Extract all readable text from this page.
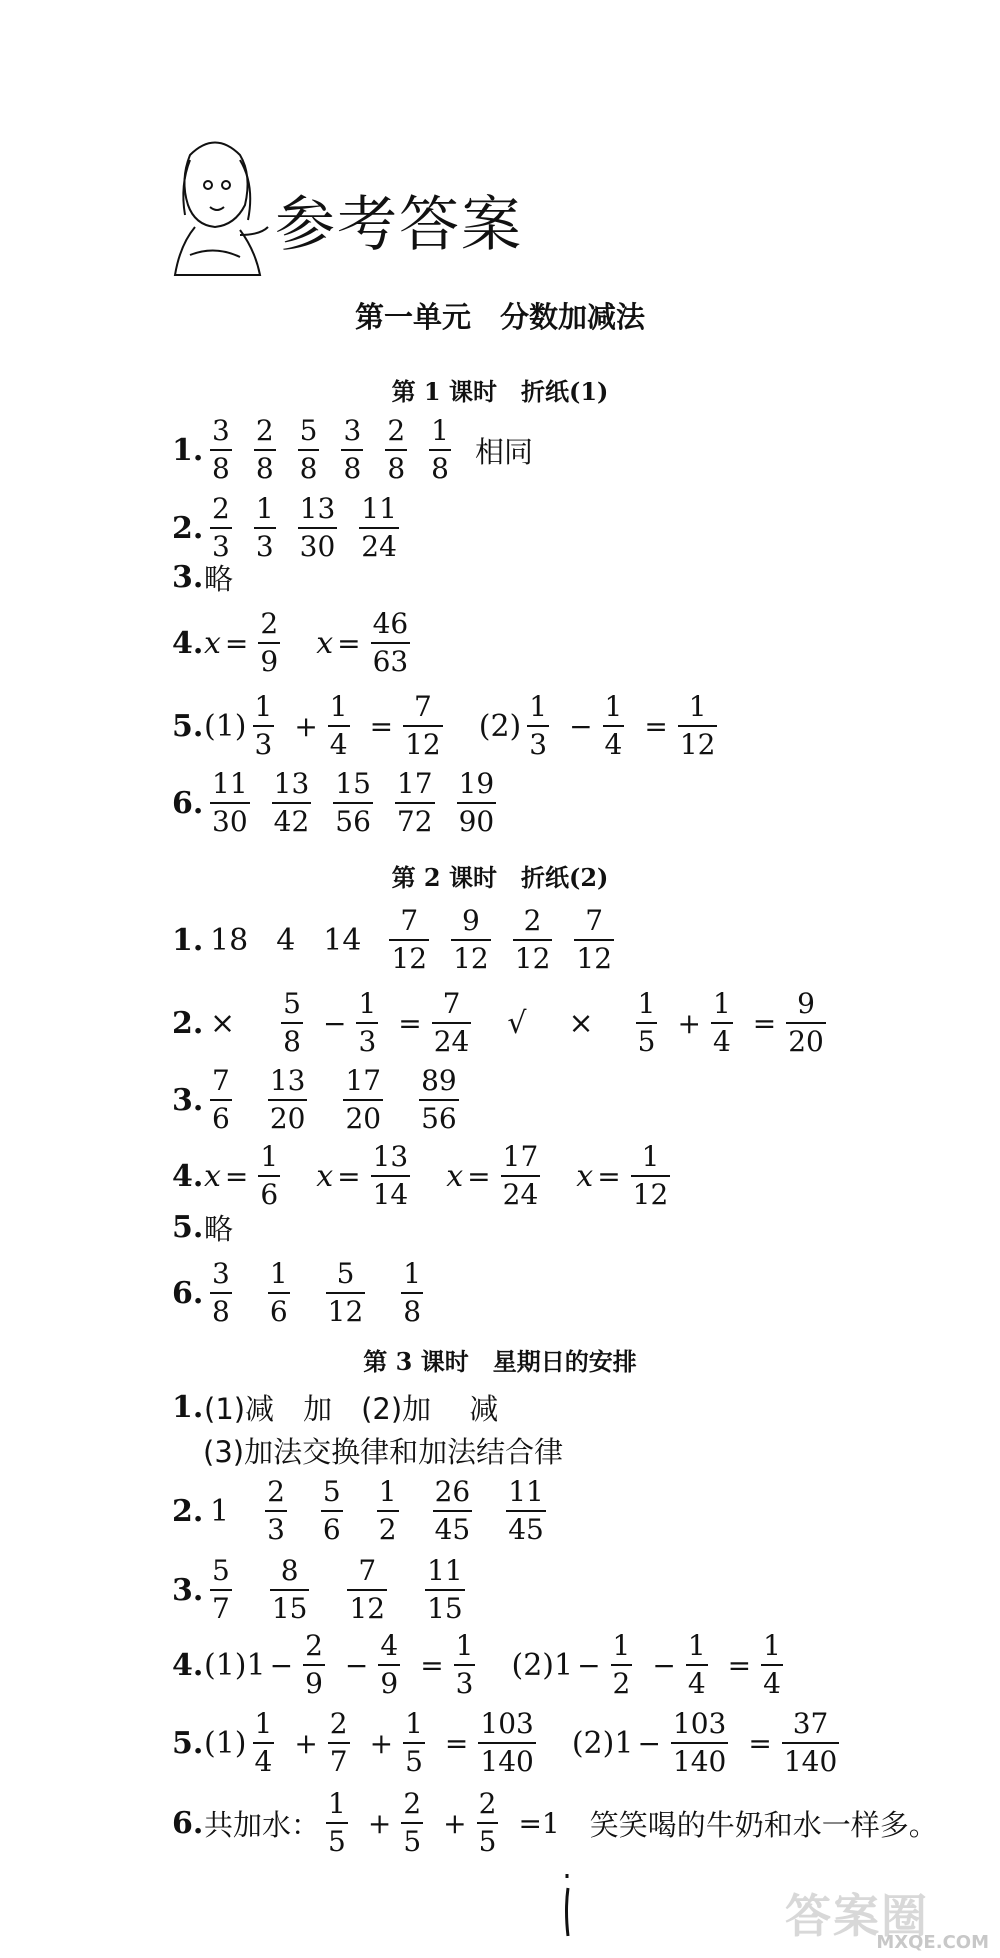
参考答案
第一单元　分数加减法
第 1 课时　折纸(1)
1. $\frac{3}{8} \frac{2}{8} \frac{5}{8} \frac{3}{8} \frac{2}{8} \frac{1}{8}$ 相同
2. $\frac{2}{3} \frac{1}{3} \frac{13}{30} \frac{11}{24}$
3. 略
4. $x = \frac{2}{9}$ $x = \frac{46}{63}$
5. $(1) \frac{1}{3} + \frac{1}{4} = \frac{7}{12} (2) \frac{1}{3} - \frac{1}{4} = \frac{1}{12}$
6. $\frac{11}{30} \frac{13}{42} \frac{15}{56} \frac{17}{72} \frac{19}{90}$
第 2 课时　折纸(2)
1. 18 4 $14 \frac{7}{12} \frac{9}{12} \frac{2}{12} \frac{7}{12}$
2. × $\frac{5}{8} - \frac{1}{3} = \frac{7}{24}$ √ × $\frac{1}{5} + \frac{1}{4} = \frac{9}{20}$
3. $\frac{7}{6} \frac{13}{20} \frac{17}{20} \frac{89}{56}$
4. $x = \frac{1}{6}$ $x = \frac{13}{14}$ $x = \frac{17}{24}$ $x = \frac{1}{12}$
5. 略
6. $\frac{3}{8} \frac{1}{6} \frac{5}{12} \frac{1}{8}$
第 3 课时　星期日的安排
1. (1)减　加　(2)加　 减
(3)加法交换律和加法结合律
2. $1 \frac{2}{3} \frac{5}{6} \frac{1}{2} \frac{26}{45} \frac{11}{45}$
3. $\frac{5}{7} \frac{8}{15} \frac{7}{12} \frac{11}{15}$
4. $(1)1 - \frac{2}{9} - \frac{4}{9} = \frac{1}{3} (2)1 - \frac{1}{2} - \frac{1}{4} = \frac{1}{4}$
5. $(1) \frac{1}{4} + \frac{2}{7} + \frac{1}{5} = \frac{103}{140} (2)1 - \frac{103}{140} = \frac{37}{140}$
6. 共加水： $\frac{1}{5} + \frac{2}{5} + \frac{2}{5} =1$ 笑笑喝的牛奶和水一样多。
答案圈
MXQE.COM
